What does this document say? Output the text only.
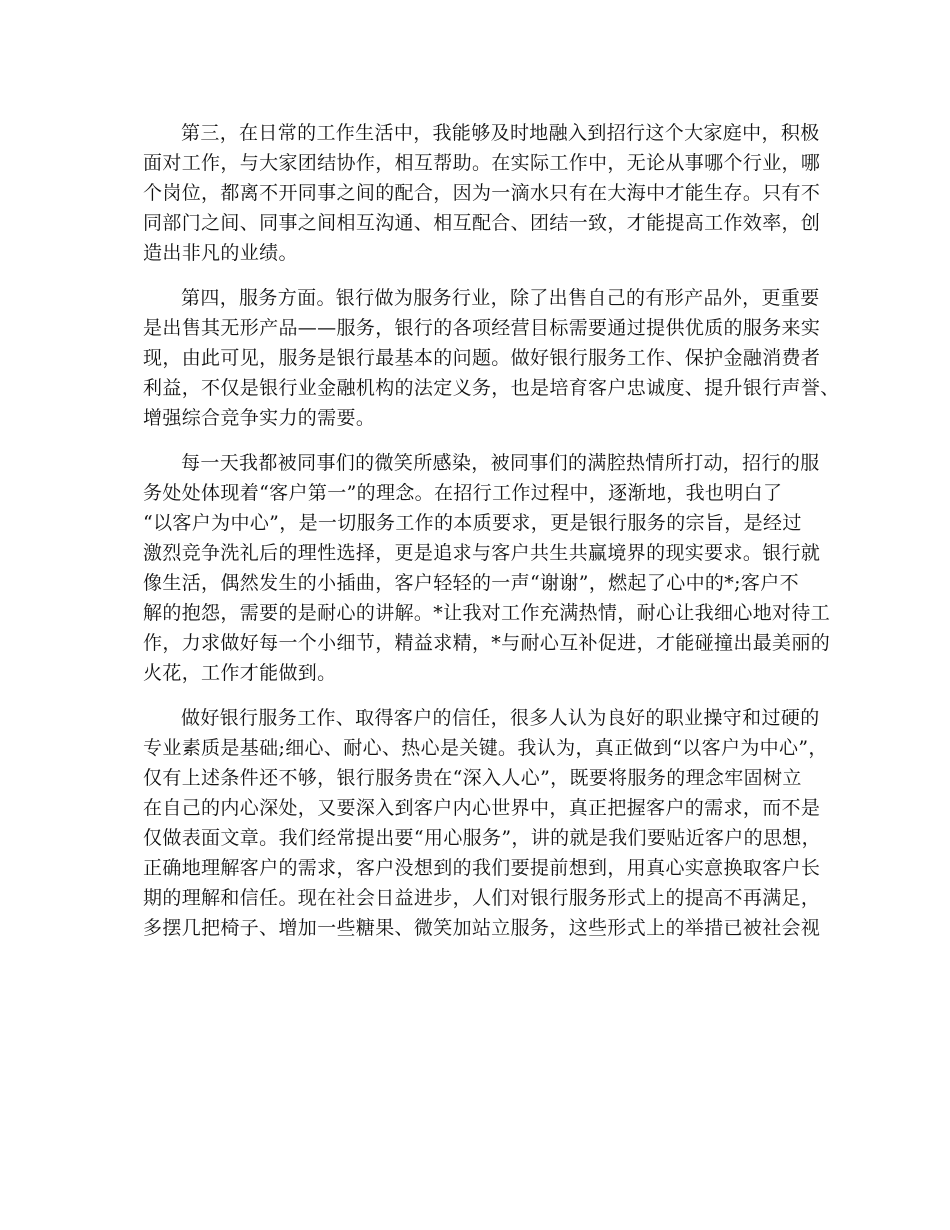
第三，在日常的工作生活中，我能够及时地融入到招行这个大家庭中，积极
面对工作，与大家团结协作，相互帮助。在实际工作中，无论从事哪个行业，哪
个岗位，都离不开同事之间的配合，因为一滴水只有在大海中才能生存。只有不
同部门之间、同事之间相互沟通、相互配合、团结一致，才能提高工作效率，创
造出非凡的业绩。

第四，服务方面。银行做为服务行业，除了出售自己的有形产品外，更重要
是出售其无形产品——服务，银行的各项经营目标需要通过提供优质的服务来实
现，由此可见，服务是银行最基本的问题。做好银行服务工作、保护金融消费者
利益，不仅是银行业金融机构的法定义务，也是培育客户忠诚度、提升银行声誉、
增强综合竞争实力的需要。

每一天我都被同事们的微笑所感染，被同事们的满腔热情所打动，招行的服
务处处体现着“客户第一”的理念。在招行工作过程中，逐渐地，我也明白了
“以客户为中心”，是一切服务工作的本质要求，更是银行服务的宗旨，是经过
激烈竞争洗礼后的理性选择，更是追求与客户共生共赢境界的现实要求。银行就
像生活，偶然发生的小插曲，客户轻轻的一声“谢谢”，燃起了心中的*;客户不
解的抱怨，需要的是耐心的讲解。*让我对工作充满热情，耐心让我细心地对待工
作，力求做好每一个小细节，精益求精，*与耐心互补促进，才能碰撞出最美丽的
火花，工作才能做到。

做好银行服务工作、取得客户的信任，很多人认为良好的职业操守和过硬的
专业素质是基础;细心、耐心、热心是关键。我认为，真正做到“以客户为中心”，
仅有上述条件还不够，银行服务贵在“深入人心”，既要将服务的理念牢固树立
在自己的内心深处，又要深入到客户内心世界中，真正把握客户的需求，而不是
仅做表面文章。我们经常提出要“用心服务”，讲的就是我们要贴近客户的思想，
正确地理解客户的需求，客户没想到的我们要提前想到，用真心实意换取客户长
期的理解和信任。现在社会日益进步，人们对银行服务形式上的提高不再满足，
多摆几把椅子、增加一些糖果、微笑加站立服务，这些形式上的举措已被社会视
